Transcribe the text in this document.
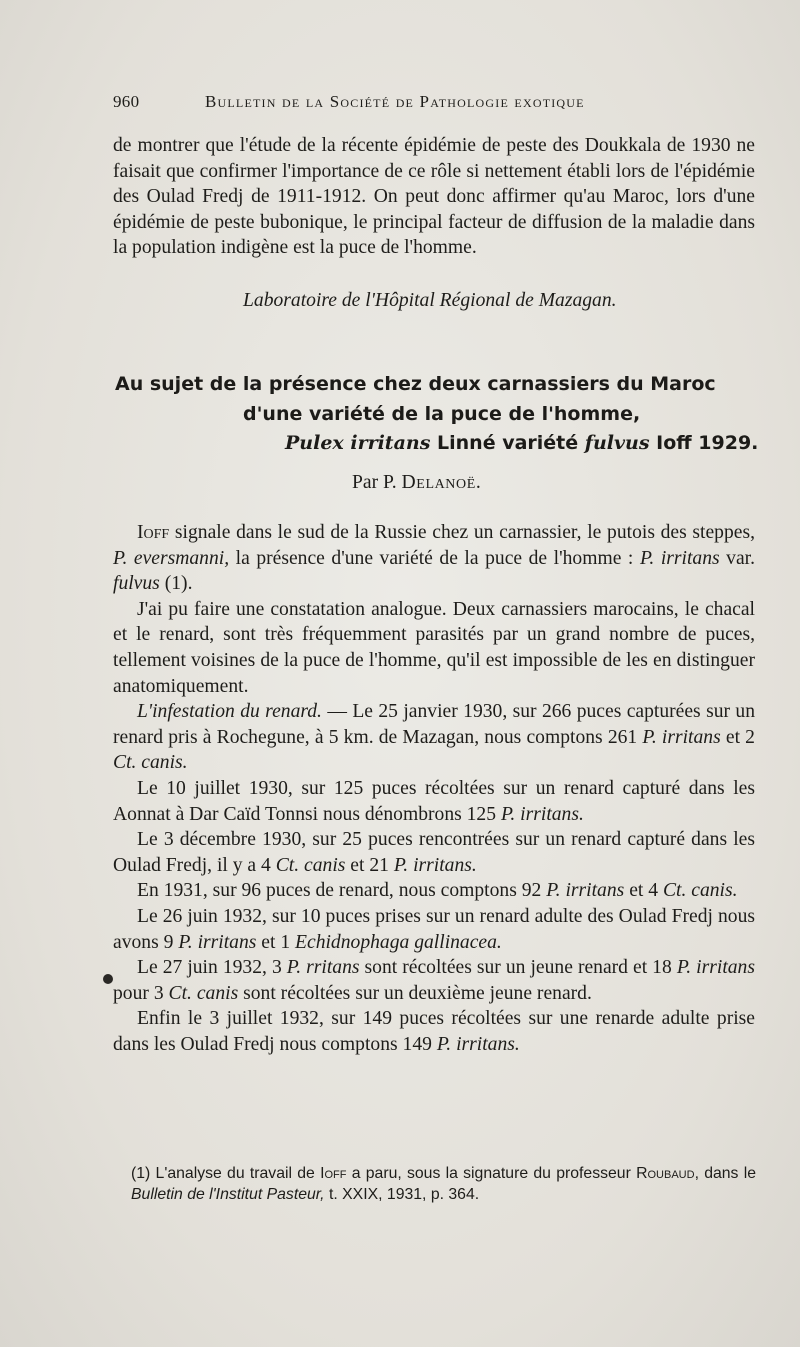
960	Bulletin de la Société de Pathologie exotique

de montrer que l'étude de la récente épidémie de peste des Doukkala de 1930 ne faisait que confirmer l'importance de ce rôle si nettement établi lors de l'épidémie des Oulad Fredj de 1911-1912. On peut donc affirmer qu'au Maroc, lors d'une épidémie de peste bubonique, le principal facteur de diffusion de la maladie dans la population indigène est la puce de l'homme.

Laboratoire de l'Hôpital Régional de Mazagan.
Au sujet de la présence chez deux carnassiers du Maroc
d'une variété de la puce de l'homme,
Pulex irritans Linné variété fulvus Ioff 1929.
Par P. Delanoë.

Ioff signale dans le sud de la Russie chez un carnassier, le putois des steppes, P. eversmanni, la présence d'une variété de la puce de l'homme : P. irritans var. fulvus (1).

J'ai pu faire une constatation analogue. Deux carnassiers marocains, le chacal et le renard, sont très fréquemment parasités par un grand nombre de puces, tellement voisines de la puce de l'homme, qu'il est impossible de les en distinguer anatomiquement.

L'infestation du renard. — Le 25 janvier 1930, sur 266 puces capturées sur un renard pris à Rochegune, à 5 km. de Mazagan, nous comptons 261 P. irritans et 2 Ct. canis.

Le 10 juillet 1930, sur 125 puces récoltées sur un renard capturé dans les Aonnat à Dar Caïd Tonnsi nous dénombrons 125 P. irritans.

Le 3 décembre 1930, sur 25 puces rencontrées sur un renard capturé dans les Oulad Fredj, il y a 4 Ct. canis et 21 P. irritans.

En 1931, sur 96 puces de renard, nous comptons 92 P. irritans et 4 Ct. canis.

Le 26 juin 1932, sur 10 puces prises sur un renard adulte des Oulad Fredj nous avons 9 P. irritans et 1 Echidnophaga gallinacea.

Le 27 juin 1932, 3 P. rritans sont récoltées sur un jeune renard et 18 P. irritans pour 3 Ct. canis sont récoltées sur un deuxième jeune renard.

Enfin le 3 juillet 1932, sur 149 puces récoltées sur une renarde adulte prise dans les Oulad Fredj nous comptons 149 P. irritans.

(1) L'analyse du travail de Ioff a paru, sous la signature du professeur Roubaud, dans le Bulletin de l'Institut Pasteur, t. XXIX, 1931, p. 364.
